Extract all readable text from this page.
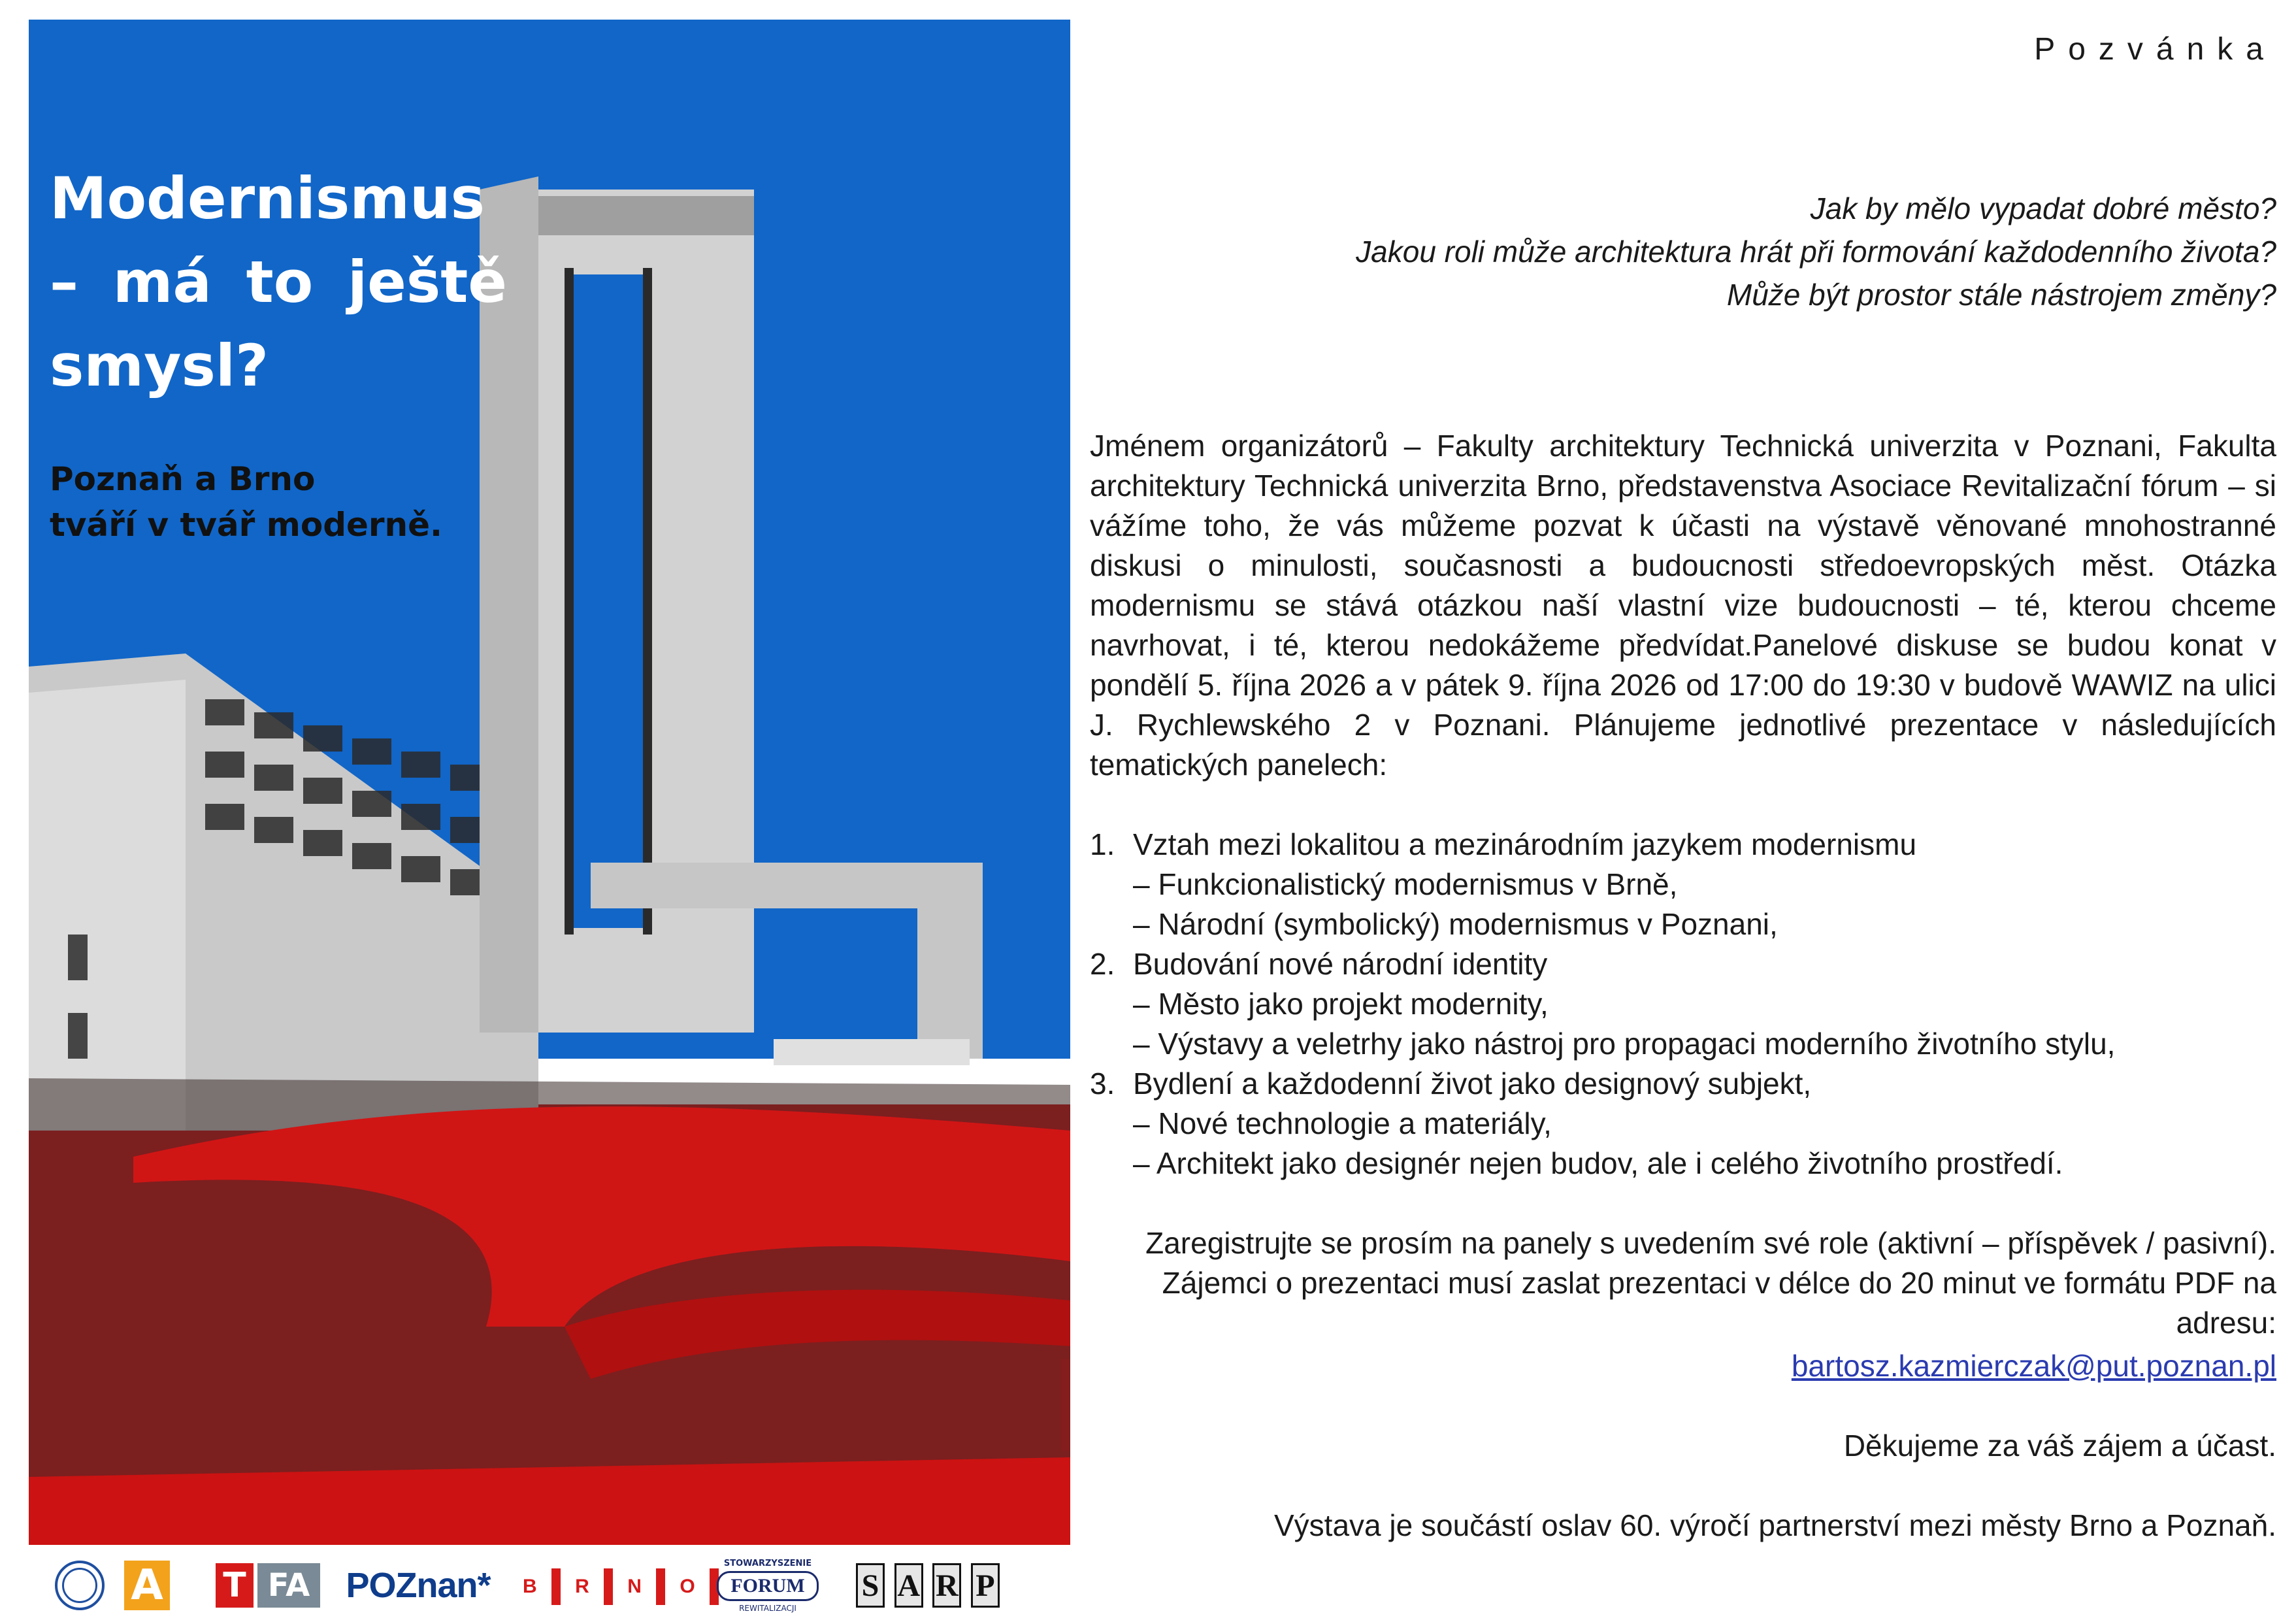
Modernismus – má to ještě smysl?

Poznaň a Brno
tváří v tvář moderně.
A T FA POZnan* B R N O
STOWARZYSZENIE
FORUM
REWITALIZACJI
S A R P
Pozvánka
Jak by mělo vypadat dobré město?
Jakou roli může architektura hrát při formování každodenního života?
Může být prostor stále nástrojem změny?

Jménem organizátorů – Fakulty architektury Technická univerzita v Poznani, Fakulta architektury Technická univerzita Brno, představenstva Asociace Revitalizační fórum – si vážíme toho, že vás můžeme pozvat k účasti na výstavě věnované mnohostranné diskusi o minulosti, současnosti a budoucnosti středoevropských měst. Otázka modernismu se stává otázkou naší vlastní vize budoucnosti – té, kterou chceme navrhovat, i té, kterou nedokážeme předvídat.Panelové diskuse se budou konat v pondělí 5. října 2026 a v pátek 9. října 2026 od 17:00 do 19:30 v budově WAWIZ na ulici J. Rychlewského 2 v Poznani. Plánujeme jednotlivé prezentace v následujících tematických panelech:

1. Vztah mezi lokalitou a mezinárodním jazykem modernismu
– Funkcionalistický modernismus v Brně,
– Národní (symbolický) modernismus v Poznani,
2. Budování nové národní identity
– Město jako projekt modernity,
– Výstavy a veletrhy jako nástroj pro propagaci moderního životního stylu,
3. Bydlení a každodenní život jako designový subjekt,
– Nové technologie a materiály,
– Architekt jako designér nejen budov, ale i celého životního prostředí.
Zaregistrujte se prosím na panely s uvedením své role (aktivní – příspěvek / pasivní). Zájemci o prezentaci musí zaslat prezentaci v délce do 20 minut ve formátu PDF na adresu:
bartosz.kazmierczak@put.poznan.pl
Děkujeme za váš zájem a účast.
Výstava je součástí oslav 60. výročí partnerství mezi městy Brno a Poznaň.
